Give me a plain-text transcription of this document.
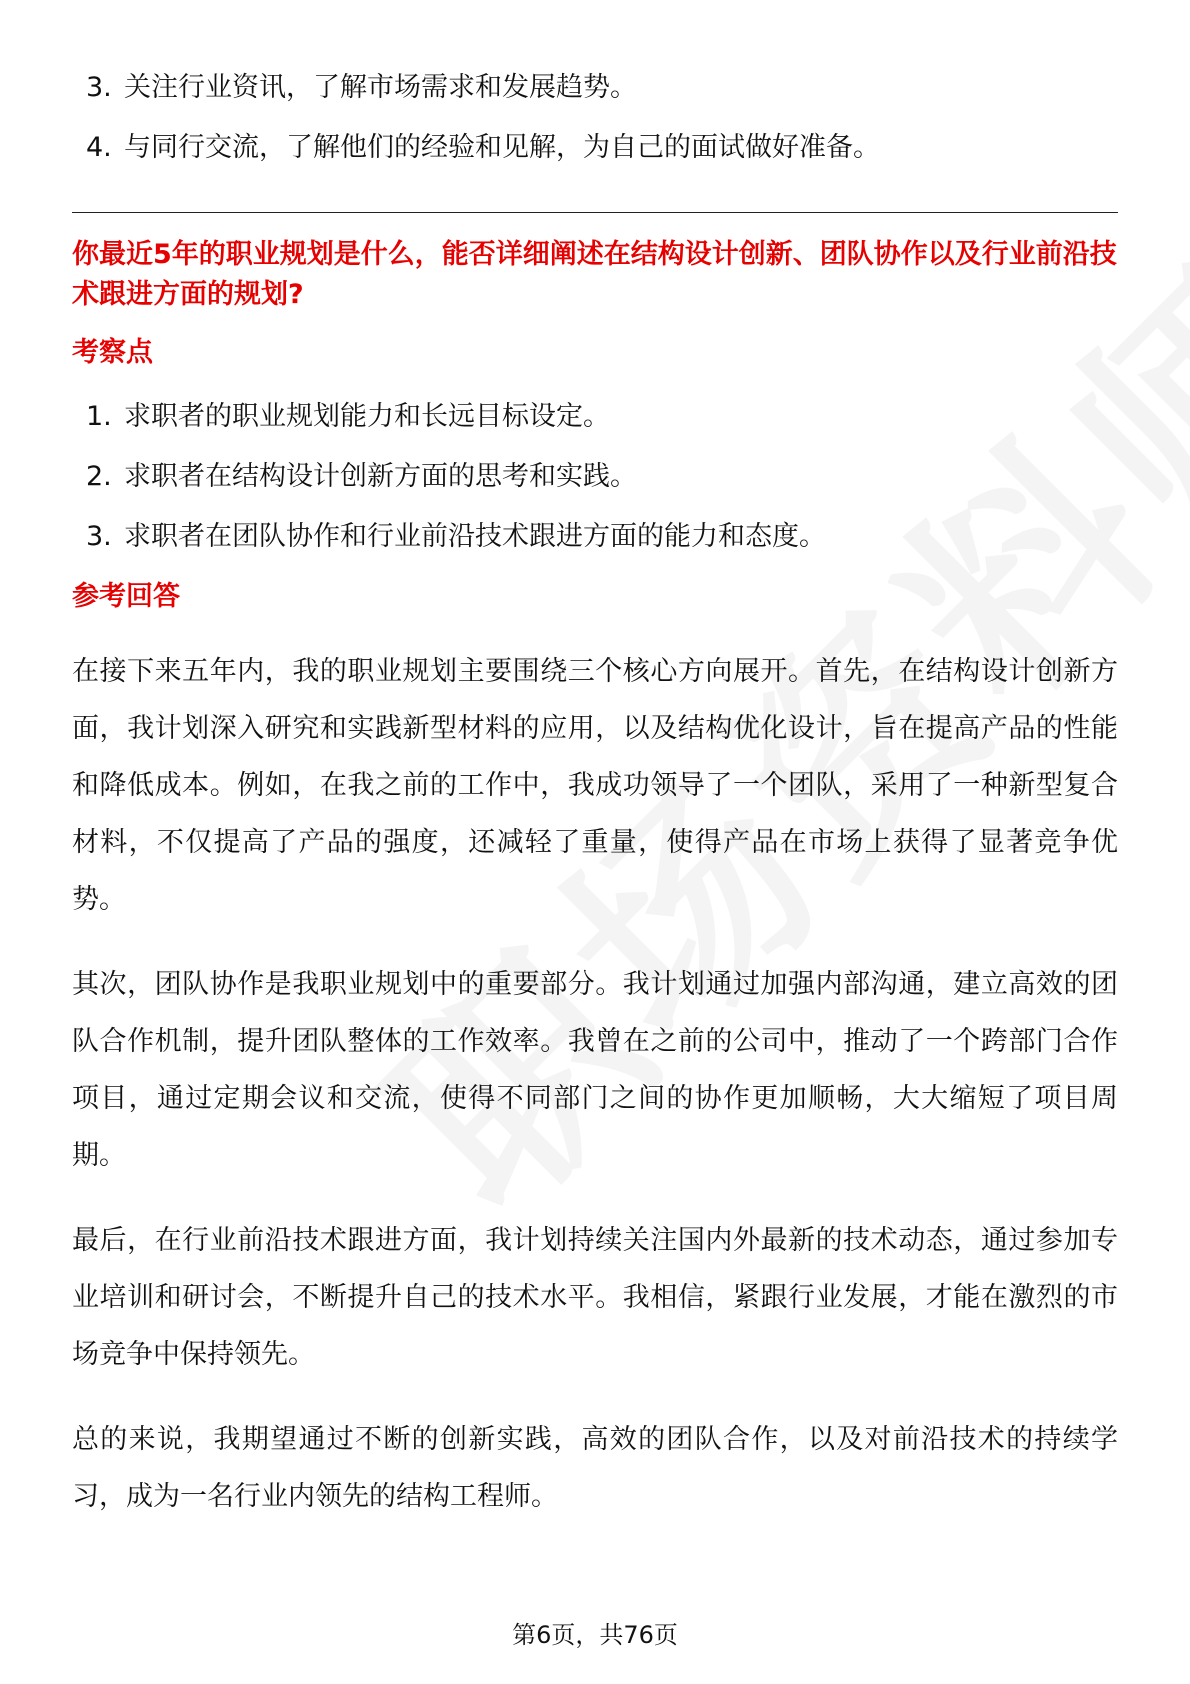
3. 关注行业资讯，了解市场需求和发展趋势。
4. 与同行交流，了解他们的经验和见解，为自己的面试做好准备。
你最近5年的职业规划是什么，能否详细阐述在结构设计创新、团队协作以及行业前沿技术跟进方面的规划?
考察点
1. 求职者的职业规划能力和长远目标设定。
2. 求职者在结构设计创新方面的思考和实践。
3. 求职者在团队协作和行业前沿技术跟进方面的能力和态度。
参考回答

在接下来五年内，我的职业规划主要围绕三个核心方向展开。首先，在结构设计创新方面，我计划深入研究和实践新型材料的应用，以及结构优化设计，旨在提高产品的性能和降低成本。例如，在我之前的工作中，我成功领导了一个团队，采用了一种新型复合材料，不仅提高了产品的强度，还减轻了重量，使得产品在市场上获得了显著竞争优势。

其次，团队协作是我职业规划中的重要部分。我计划通过加强内部沟通，建立高效的团队合作机制，提升团队整体的工作效率。我曾在之前的公司中，推动了一个跨部门合作项目，通过定期会议和交流，使得不同部门之间的协作更加顺畅，大大缩短了项目周期。

最后，在行业前沿技术跟进方面，我计划持续关注国内外最新的技术动态，通过参加专业培训和研讨会，不断提升自己的技术水平。我相信，紧跟行业发展，才能在激烈的市场竞争中保持领先。

总的来说，我期望通过不断的创新实践，高效的团队合作，以及对前沿技术的持续学习，成为一名行业内领先的结构工程师。

第6页，共76页
